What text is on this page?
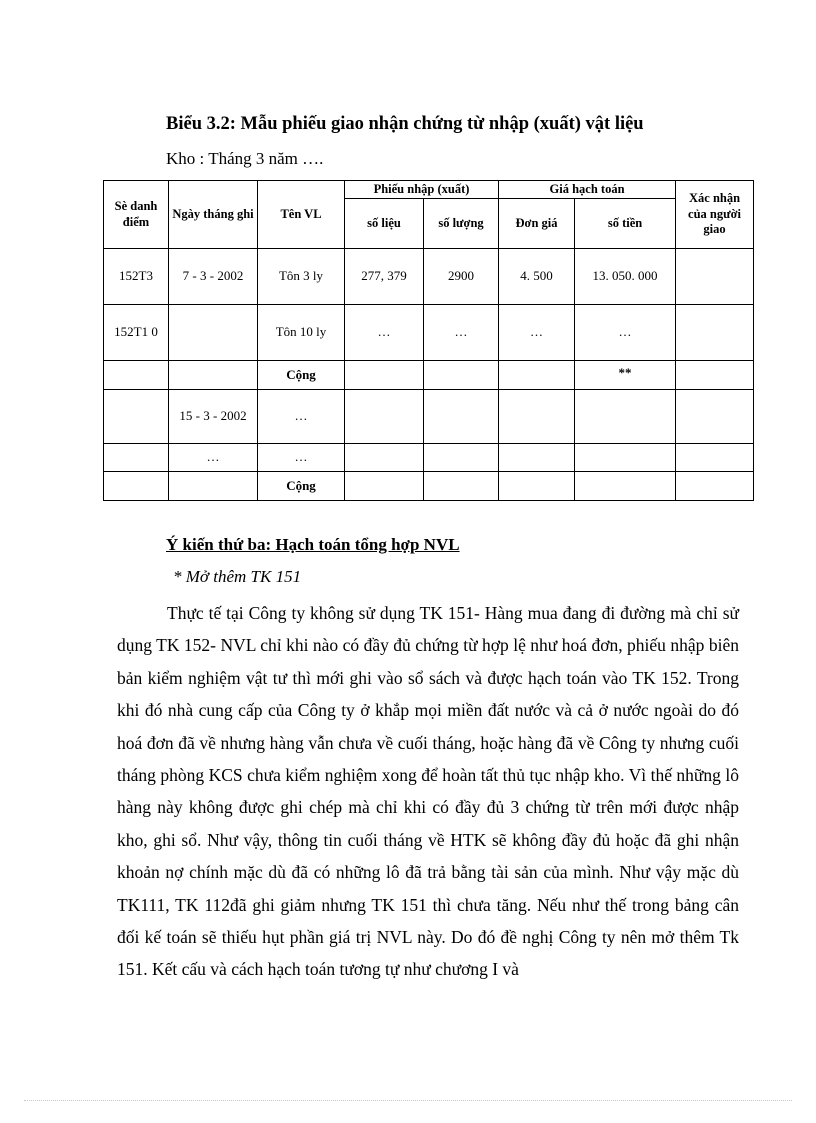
Biểu 3.2: Mẫu phiếu giao nhận chứng từ nhập (xuất) vật liệu

Kho : Tháng 3 năm ….

Sè danh điểm	Ngày tháng ghi	Tên VL	Phiếu nhập (xuất)		Giá hạch toán		Xác nhận của người giao
			số liệu	số lượng	Đơn giá	số tiền	
152T3	7 - 3 - 2002	Tôn 3 ly	277, 379	2900	4. 500	13. 050. 000	
152T1 0		Tôn 10 ly	…	…	…	…	
		Cộng				**	
	15 - 3 - 2002	…					
	…	…					
		Cộng					
Ý kiến thứ ba: Hạch toán tổng hợp NVL

* Mở thêm TK 151

Thực tế tại Công ty không sử dụng TK 151- Hàng mua đang đi đường mà chỉ sử dụng TK 152- NVL chỉ khi nào có đầy đủ chứng từ hợp lệ như hoá đơn, phiếu nhập biên bản kiểm nghiệm vật tư thì mới ghi vào sổ sách và được hạch toán vào TK 152. Trong khi đó nhà cung cấp của Công ty ở khắp mọi miền đất nước và cả ở nước ngoài do đó hoá đơn đã về nhưng hàng vẫn chưa về cuối tháng, hoặc hàng đã về Công ty nhưng cuối tháng phòng KCS chưa kiểm nghiệm xong để hoàn tất thủ tục nhập kho. Vì thế những lô hàng này không được ghi chép mà chỉ khi có đầy đủ 3 chứng từ trên mới được nhập kho, ghi sổ. Như vậy, thông tin cuối tháng về HTK sẽ không đầy đủ hoặc đã ghi nhận khoản nợ chính mặc dù đã có những lô đã trả bằng tài sản của mình. Như vậy mặc dù TK111, TK 112đã ghi giảm nhưng TK 151 thì chưa tăng. Nếu như thế trong bảng cân đối kế toán sẽ thiếu hụt phần giá trị NVL này. Do đó đề nghị Công ty nên mở thêm Tk 151. Kết cấu và cách hạch toán tương tự như chương I và
